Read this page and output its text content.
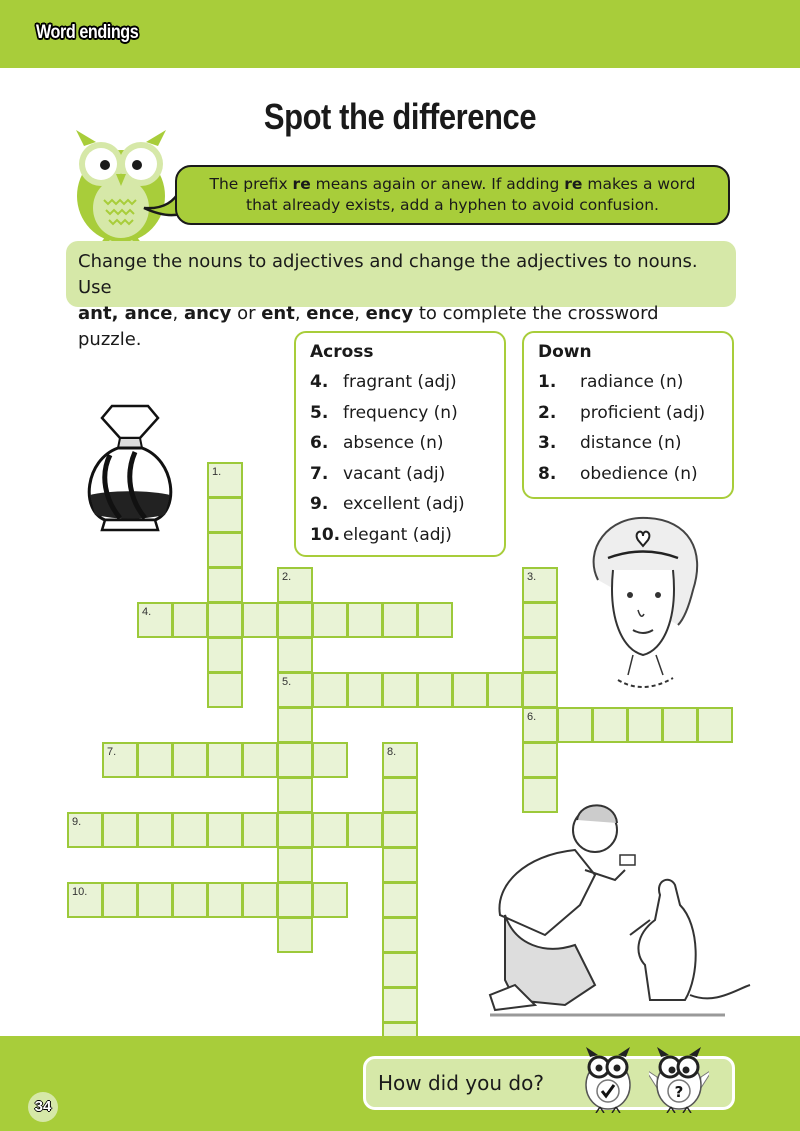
Word endings
Spot the difference
The prefix re means again or anew. If adding re makes a word
that already exists, add a hyphen to avoid confusion.
Change the nouns to adjectives and change the adjectives to nouns. Use
ant, ance, ancy or ent, ence, ency to complete the crossword puzzle.
Across
4. fragrant (adj)
5. frequency (n)
6. absence (n)
7. vacant (adj)
9. excellent (adj)
10. elegant (adj)
Down
1.	radiance (n)
2.	proficient (adj)
3.	distance (n)
8.	obedience (n)
1.
2.
5.
3.
6.
4.
7.	8.
9.
10.
34
How did you do?	?
